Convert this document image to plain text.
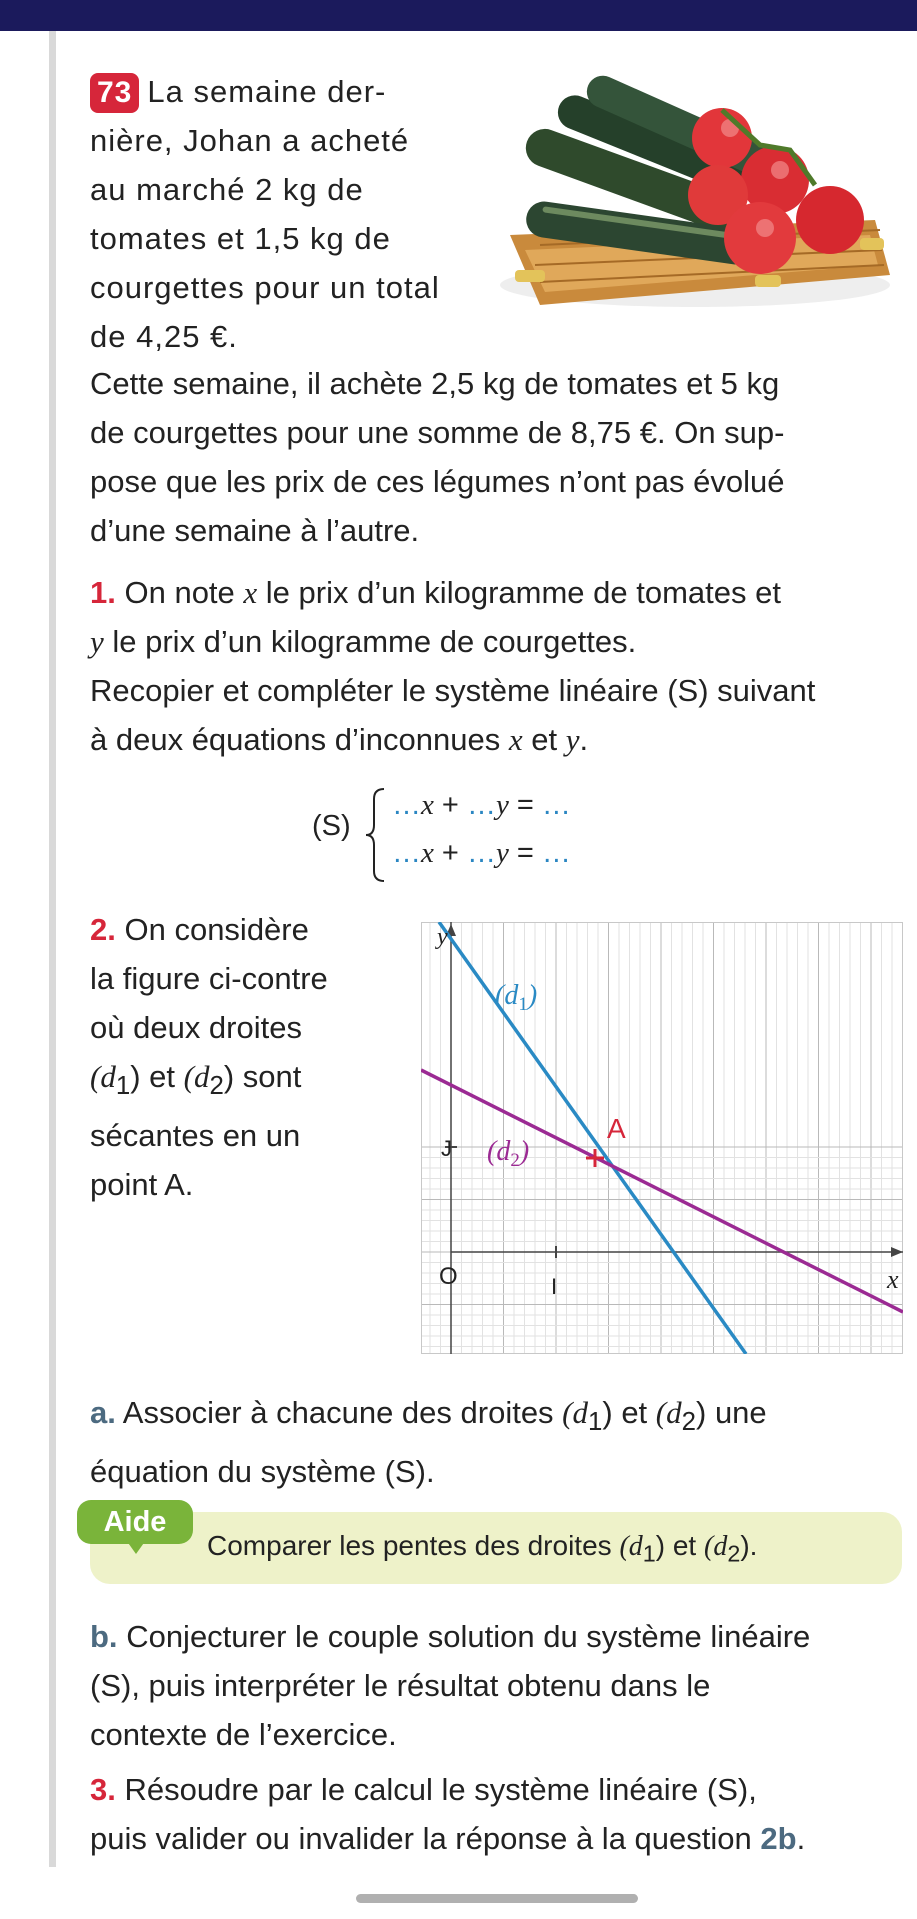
73 La semaine der-
nière, Johan a acheté
au marché 2 kg de
tomates et 1,5 kg de
courgettes pour un total
de 4,25 €.
Cette semaine, il achète 2,5 kg de tomates et 5 kg
de courgettes pour une somme de 8,75 €. On sup-
pose que les prix de ces légumes n’ont pas évolué
d’une semaine à l’autre.
1. On note x le prix d’un kilogramme de tomates et
y le prix d’un kilogramme de courgettes.
Recopier et compléter le système linéaire (S) suivant
à deux équations d’inconnues x et y.
(S)
…x + …y = …
…x + …y = …
2. On considère
la figure ci-contre
où deux droites
$(d_1)$ et $(d_2)$ sont
sécantes en un
point A.
y
x
O	I
J
A
$(d_1)$
$(d_2)$
a. Associer à chacune des droites $(d_1)$ et $(d_2)$ une
équation du système (S).
Aide
Comparer les pentes des droites $(d_1)$ et $(d_2)$.
b. Conjecturer le couple solution du système linéaire
(S), puis interpréter le résultat obtenu dans le
contexte de l’exercice.
3. Résoudre par le calcul le système linéaire (S),
puis valider ou invalider la réponse à la question 2b.
